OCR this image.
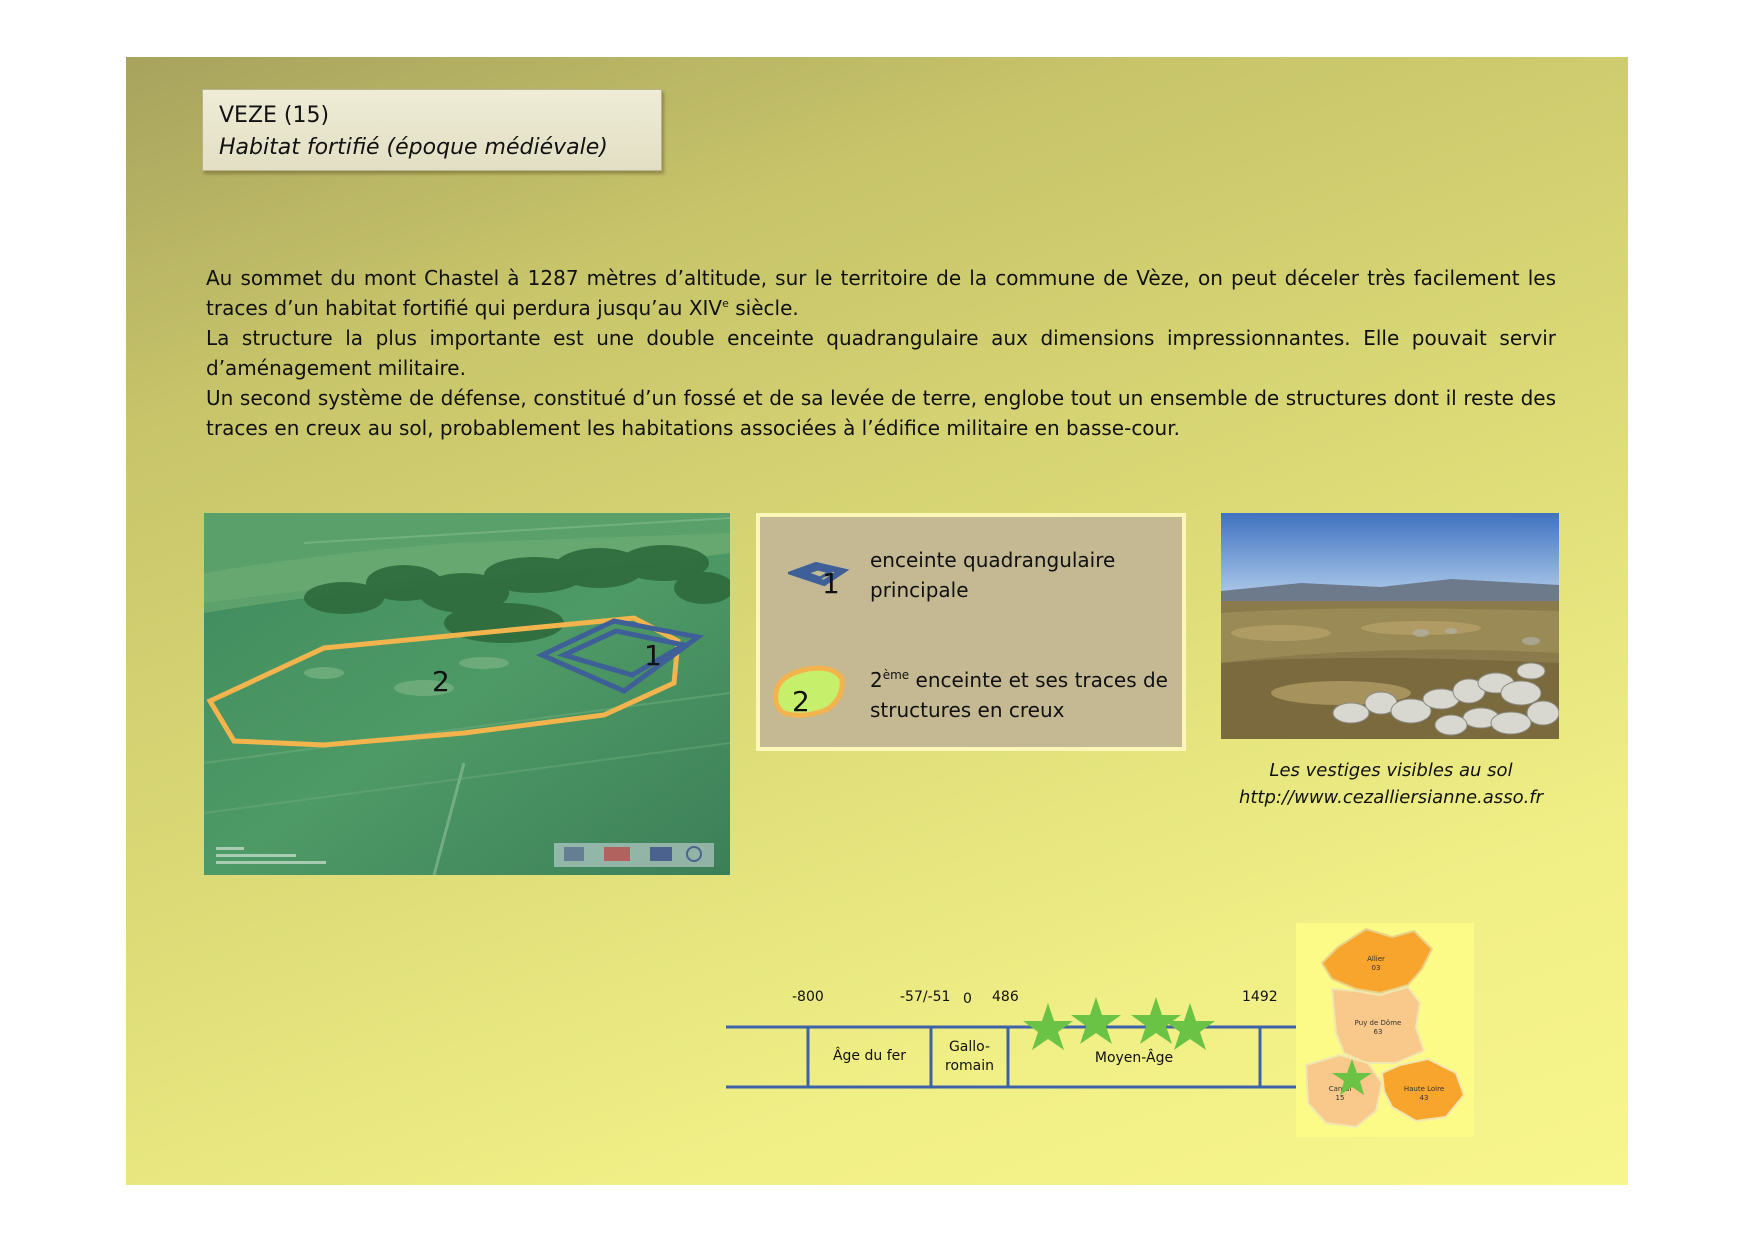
VEZE (15)
Habitat fortifié (époque médiévale)

Au sommet du mont Chastel à 1287 mètres d’altitude, sur le territoire de la commune de Vèze, on peut déceler très facilement les traces d’un habitat fortifié qui perdura jusqu’au XIVe siècle.

La structure la plus importante est une double enceinte quadrangulaire aux dimensions impressionnantes. Elle pouvait servir d’aménagement militaire.

Un second système de défense, constitué d’un fossé et de sa levée de terre, englobe tout un ensemble de structures dont il reste des traces en creux au sol, probablement les habitations associées à l’édifice militaire en basse-cour.

1
2
1
enceinte quadrangulaire principale
2
2ème enceinte et ses traces de structures en creux
Les vestiges visibles au sol
http://www.cezalliersianne.asso.fr
-800	-57/-51 0 486	1492
Âge du fer
Gallo-
romain	Moyen-Âge
Allier
03
Puy de Dôme
63
Cantal
15
Haute Loire
43
